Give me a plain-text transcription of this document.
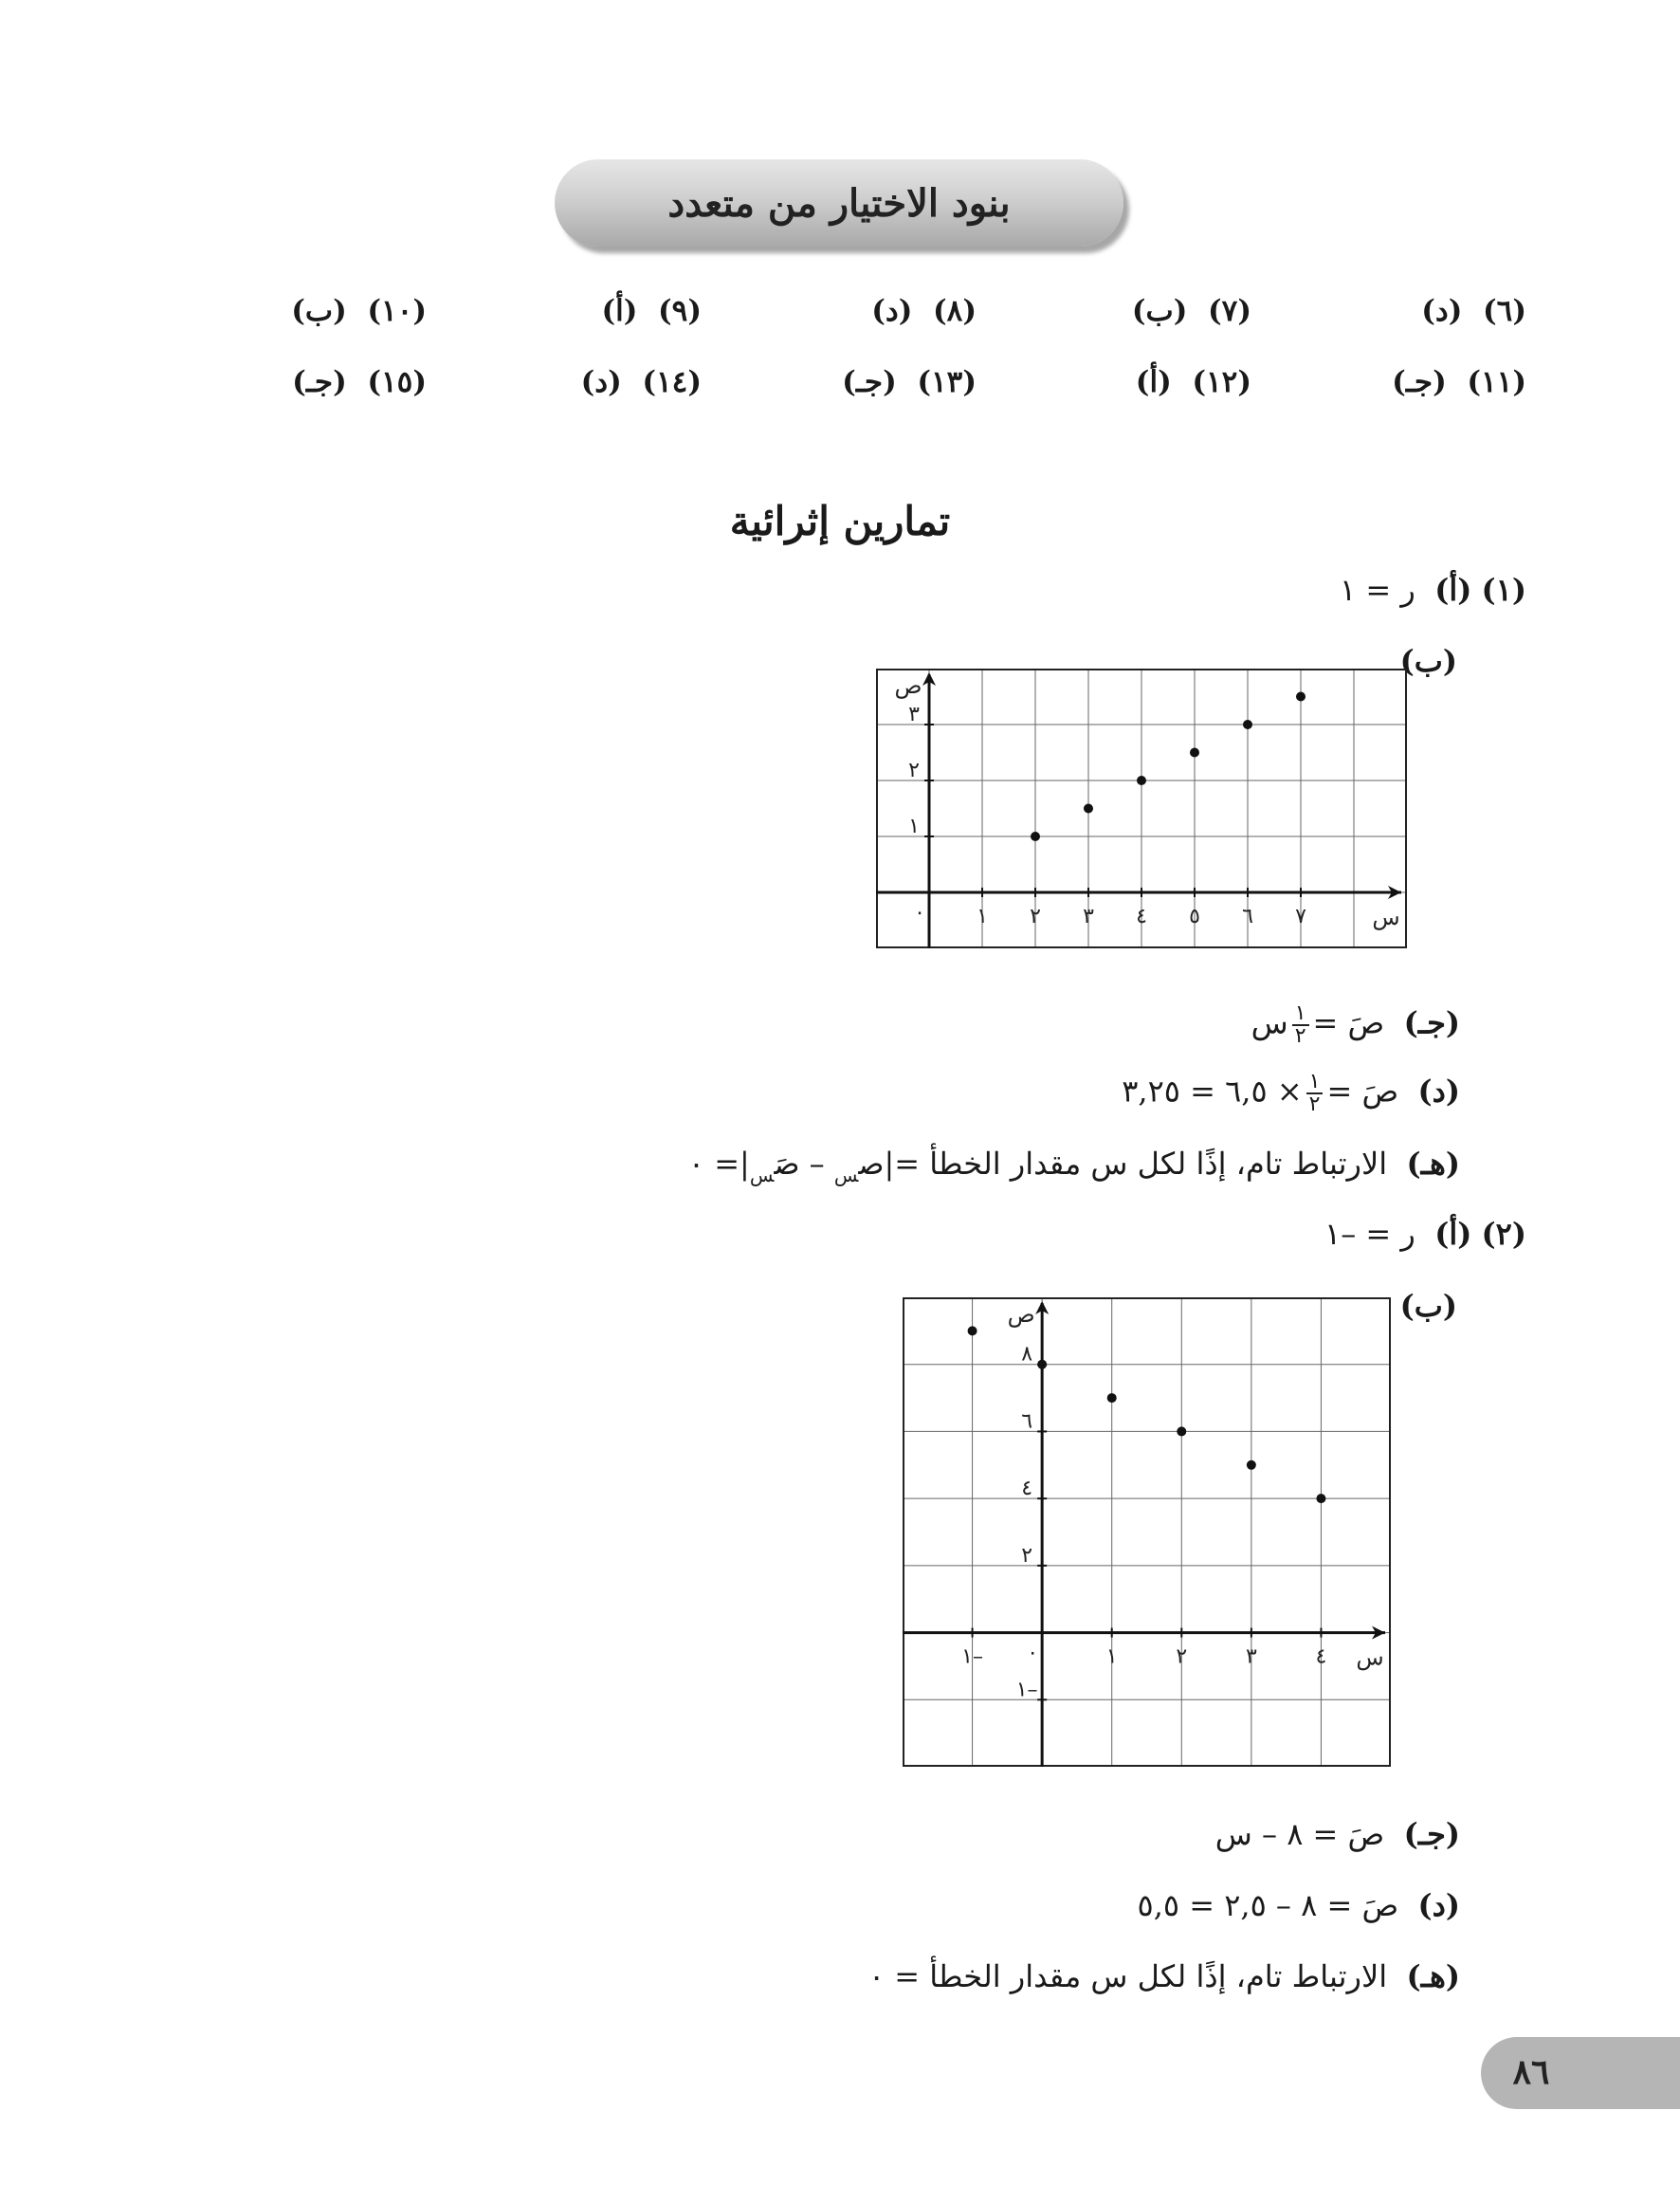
بنود الاختيار من متعدد
(٦)  (د)
(٧)  (ب)
(٨)  (د)
(٩)  (أ)
(١٠)  (ب)
(١١)  (جـ)
(١٢)  (أ)
(١٣)  (جـ)
(١٤)  (د)
(١٥)  (جـ)
تمارين إثرائية
(١) (أ)  ر = ١
(ب)
س
ص
٠ ١ ٢ ٣ ٤ ٥ ٦ ٧
١
٢
٣
(جـ)  صَ =
$\frac{١}{٢}$
س
(د)  صَ =
$\frac{١}{٢}$
× ٦,٥ = ٣,٢٥
(هـ)  الارتباط تام، إذًا لكل س مقدار الخطأ =|ص$_س$ – $صَ_س|=$ ٠
(٢) (أ)  ر = –١
(ب)
س
ص
٠
١–	١	٢	٣	٤
١–
٢
٤
٦
٨
(جـ)  صَ = ٨ – س
(د)  صَ = ٨ – ٢,٥ = ٥,٥
(هـ)  الارتباط تام، إذًا لكل س مقدار الخطأ = ٠
٨٦
